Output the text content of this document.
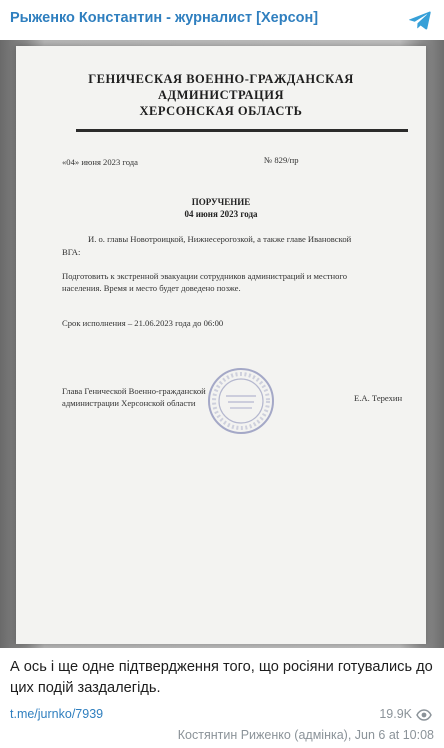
Рыженко Константин - журналист [Херсон]
ГЕНИЧЕСКАЯ ВОЕННО-ГРАЖДАНСКАЯ
АДМИНИСТРАЦИЯ
ХЕРСОНСКАЯ ОБЛАСТЬ
«04» июня 2023 года	№ 829/пр
ПОРУЧЕНИЕ
04 июня 2023 года
И. о. главы Новотроицкой, Нижнесерогозкой, а также главе Ивановской
ВГА:
Подготовить к экстренной эвакуации сотрудников администраций и местного
населения. Время и место будет доведено позже.
Срок исполнения – 21.06.2023 года до 06:00
Глава Генической Военно-гражданской
администрации Херсонской области	Е.А. Терехин
А ось і ще одне підтвердження того, що росіяни готувались до цих подій заздалегідь.
t.me/jurnko/7939	19.9K
Костянтин Риженко (адмінка), Jun 6 at 10:08
